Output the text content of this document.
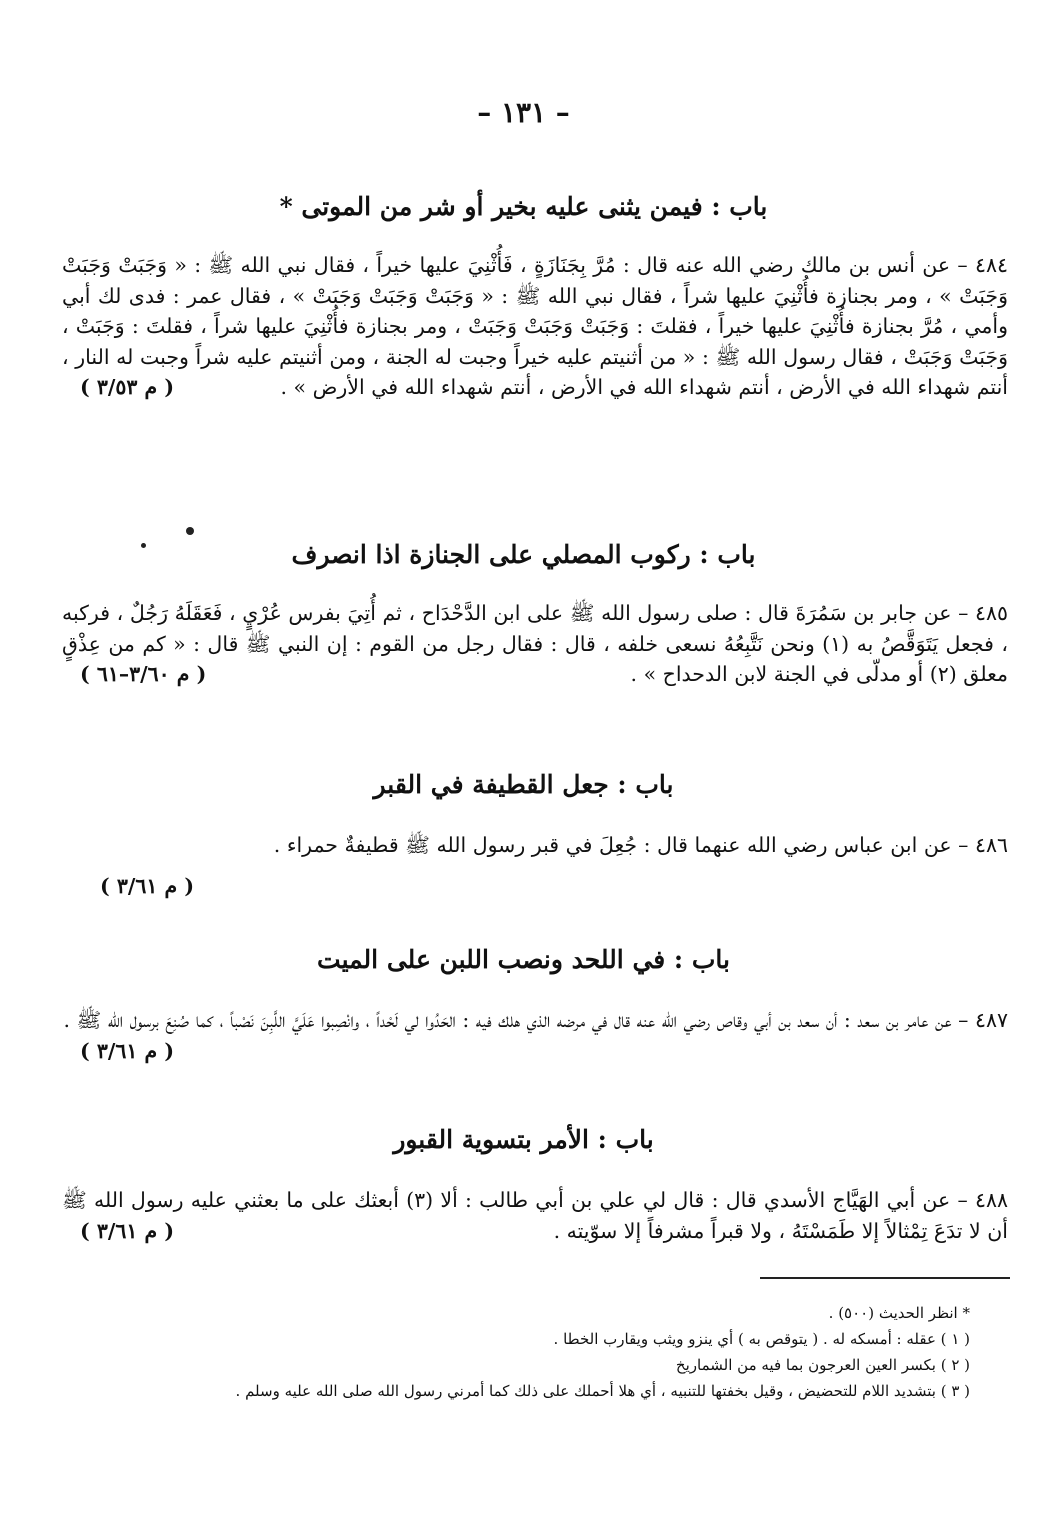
– ١٣١ –
باب : فيمن يثنى عليه بخير أو شر من الموتى *
٤٨٤ – عن أنس بن مالك رضي الله عنه قال : مُرَّ بِجَنَازَةٍ ، فَأُثْنِيَ عليها خيراً ، فقال نبي الله ﷺ : « وَجَبَتْ وَجَبَتْ وَجَبَتْ » ، ومر بجنازة فأُثْنِيَ عليها شراً ، فقال نبي الله ﷺ : « وَجَبَتْ وَجَبَتْ وَجَبَتْ » ، فقال عمر : فدى لك أبي وأمي ، مُرَّ بجنازة فأُثْنِيَ عليها خيراً ، فقلتَ : وَجَبَتْ وَجَبَتْ وَجَبَتْ ، ومر بجنازة فأُثْنِيَ عليها شراً ، فقلتَ : وَجَبَتْ ، وَجَبَتْ وَجَبَتْ ، فقال رسول الله ﷺ : « من أثنيتم عليه خيراً وجبت له الجنة ، ومن أثنيتم عليه شراً وجبت له النار ، أنتم شهداء الله في الأرض ، أنتم شهداء الله في الأرض ، أنتم شهداء الله في الأرض » .
( م ٣/٥٣ )
باب : ركوب المصلي على الجنازة اذا انصرف
٤٨٥ – عن جابر بن سَمُرَةَ قال : صلى رسول الله ﷺ على ابن الدَّحْدَاح ، ثم أُتِيَ بفرس عُرْيٍ ، فَعَقَلَهُ رَجُلٌ ، فركبه ، فجعل يَتَوَقَّصُ به (١) ونحن نَتَّبِعُهُ نسعى خلفه ، قال : فقال رجل من القوم : إن النبي ﷺ قال : « كم من عِذْقٍ معلق (٢) أو مدلّى في الجنة لابن الدحداح » .
( م ٣/٦٠–٦١ )
باب : جعل القطيفة في القبر
٤٨٦ – عن ابن عباس رضي الله عنهما قال : جُعِلَ في قبر رسول الله ﷺ قطيفةٌ حمراء .
( م ٣/٦١ )
باب : في اللحد ونصب اللبن على الميت
٤٨٧ – عن عامر بن سعد : أن سعد بن أبي وقاص رضي الله عنه قال في مرضه الذي هلك فيه : الحَدُوا لي لَحْداً ، وانْصِبوا عَلَيَّ اللَّبِنَ نَصْباً ، كما صُنِعَ برسول الله ﷺ .
( م ٣/٦١ )
باب : الأمر بتسوية القبور
٤٨٨ – عن أبي الهَيَّاج الأسدي قال : قال لي علي بن أبي طالب : ألا (٣) أبعثك على ما بعثني عليه رسول الله ﷺ أن لا تدَعَ تِمْثالاً إلا طَمَسْتَهُ ، ولا قبراً مشرفاً إلا سوّيته .
( م ٣/٦١ )
* انظر الحديث (٥٠٠) .
( ١ ) عقله : أمسكه له . ( يتوقص به ) أي ينزو ويثب ويقارب الخطا .
( ٢ ) بكسر العين العرجون بما فيه من الشماريخ
( ٣ ) بتشديد اللام للتحضيض ، وقيل بخفتها للتنبيه ، أي هلا أحملك على ذلك كما أمرني رسول الله صلى الله عليه وسلم .
